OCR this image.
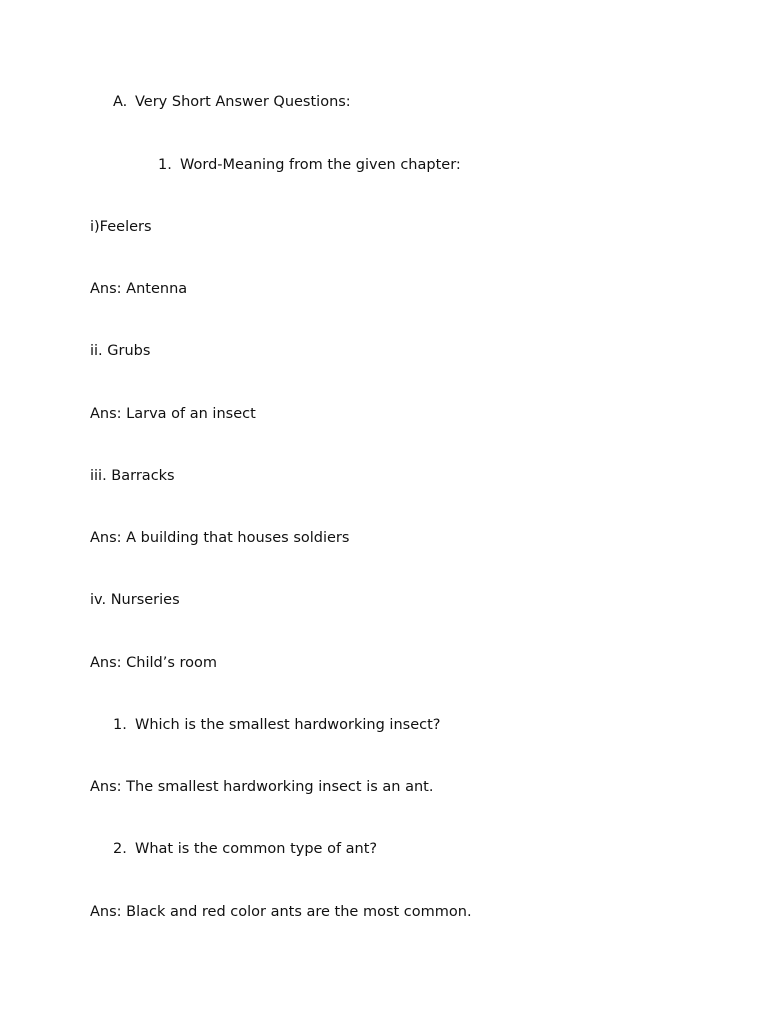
A. Very Short Answer Questions:
1. Word-Meaning from the given chapter:
i)Feelers
Ans: Antenna
ii. Grubs
Ans: Larva of an insect
iii. Barracks
Ans: A building that houses soldiers
iv. Nurseries
Ans: Child’s room
1. Which is the smallest hardworking insect?
Ans: The smallest hardworking insect is an ant.
2. What is the common type of ant?
Ans: Black and red color ants are the most common.
